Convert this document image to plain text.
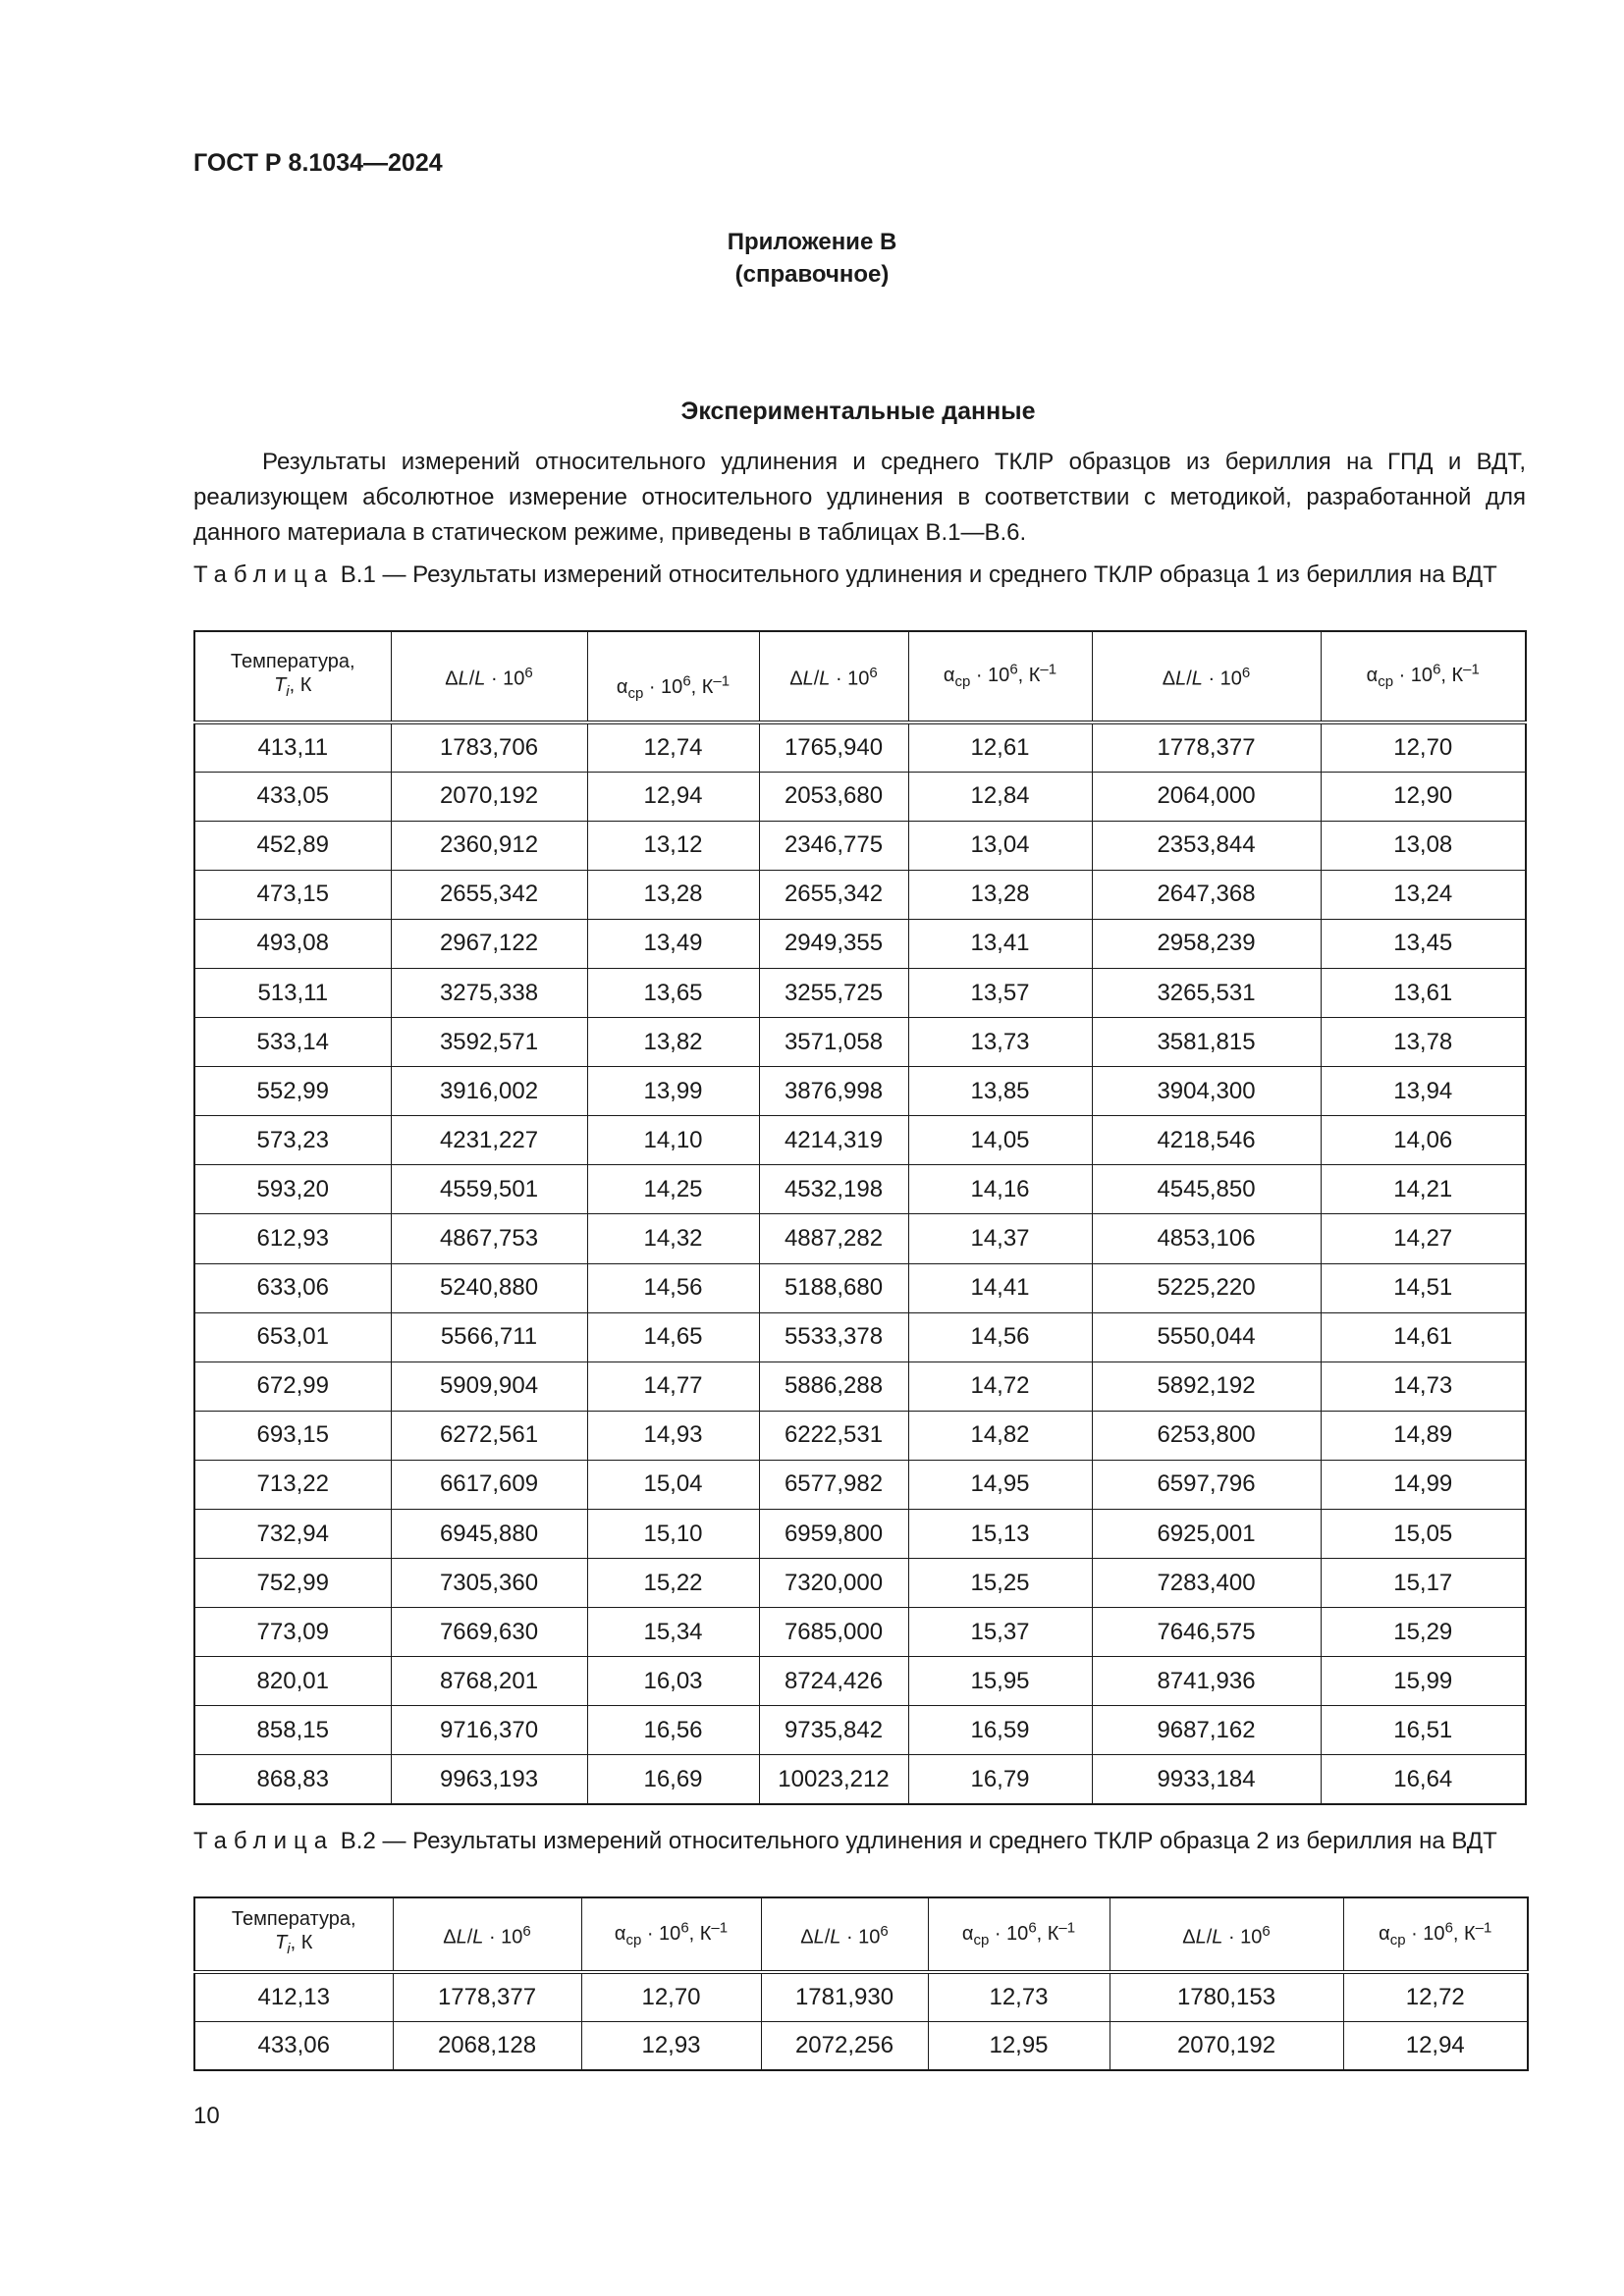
ГОСТ Р 8.1034—2024
Приложение В
(справочное)
Экспериментальные данные
Результаты измерений относительного удлинения и среднего ТКЛР образцов из бериллия на ГПД и ВДТ, реализующем абсолютное измерение относительного удлинения в соответствии с методикой, разработанной для данного материала в статическом режиме, приведены в таблицах В.1—В.6.
Таблица В.1 — Результаты измерений относительного удлинения и среднего ТКЛР образца 1 из бериллия на ВДТ
Температура,
$T_i$, К	$\Delta L/L \cdot 10^6$	$\alpha_{ср} \cdot 10^6$, $К^{-1}$	$\Delta L/L \cdot 10^6$	$\alpha_{ср} \cdot 10^6$, $К^{-1}$	$\Delta L/L \cdot 10^6$	$\alpha_{ср} \cdot 10^6$, $К^{-1}$
413,11	1783,706	12,74	1765,940	12,61	1778,377	12,70
433,05	2070,192	12,94	2053,680	12,84	2064,000	12,90
452,89	2360,912	13,12	2346,775	13,04	2353,844	13,08
473,15	2655,342	13,28	2655,342	13,28	2647,368	13,24
493,08	2967,122	13,49	2949,355	13,41	2958,239	13,45
513,11	3275,338	13,65	3255,725	13,57	3265,531	13,61
533,14	3592,571	13,82	3571,058	13,73	3581,815	13,78
552,99	3916,002	13,99	3876,998	13,85	3904,300	13,94
573,23	4231,227	14,10	4214,319	14,05	4218,546	14,06
593,20	4559,501	14,25	4532,198	14,16	4545,850	14,21
612,93	4867,753	14,32	4887,282	14,37	4853,106	14,27
633,06	5240,880	14,56	5188,680	14,41	5225,220	14,51
653,01	5566,711	14,65	5533,378	14,56	5550,044	14,61
672,99	5909,904	14,77	5886,288	14,72	5892,192	14,73
693,15	6272,561	14,93	6222,531	14,82	6253,800	14,89
713,22	6617,609	15,04	6577,982	14,95	6597,796	14,99
732,94	6945,880	15,10	6959,800	15,13	6925,001	15,05
752,99	7305,360	15,22	7320,000	15,25	7283,400	15,17
773,09	7669,630	15,34	7685,000	15,37	7646,575	15,29
820,01	8768,201	16,03	8724,426	15,95	8741,936	15,99
858,15	9716,370	16,56	9735,842	16,59	9687,162	16,51
868,83	9963,193	16,69	10023,212	16,79	9933,184	16,64
Таблица В.2 — Результаты измерений относительного удлинения и среднего ТКЛР образца 2 из бериллия на ВДТ
Температура,
$T_i$, К	$\Delta L/L \cdot 10^6$	$\alpha_{ср} \cdot 10^6$, $К^{-1}$	$\Delta L/L \cdot 10^6$	$\alpha_{ср} \cdot 10^6$, $К^{-1}$	$\Delta L/L \cdot 10^6$	$\alpha_{ср} \cdot 10^6$, $К^{-1}$
412,13	1778,377	12,70	1781,930	12,73	1780,153	12,72
433,06	2068,128	12,93	2072,256	12,95	2070,192	12,94
10
